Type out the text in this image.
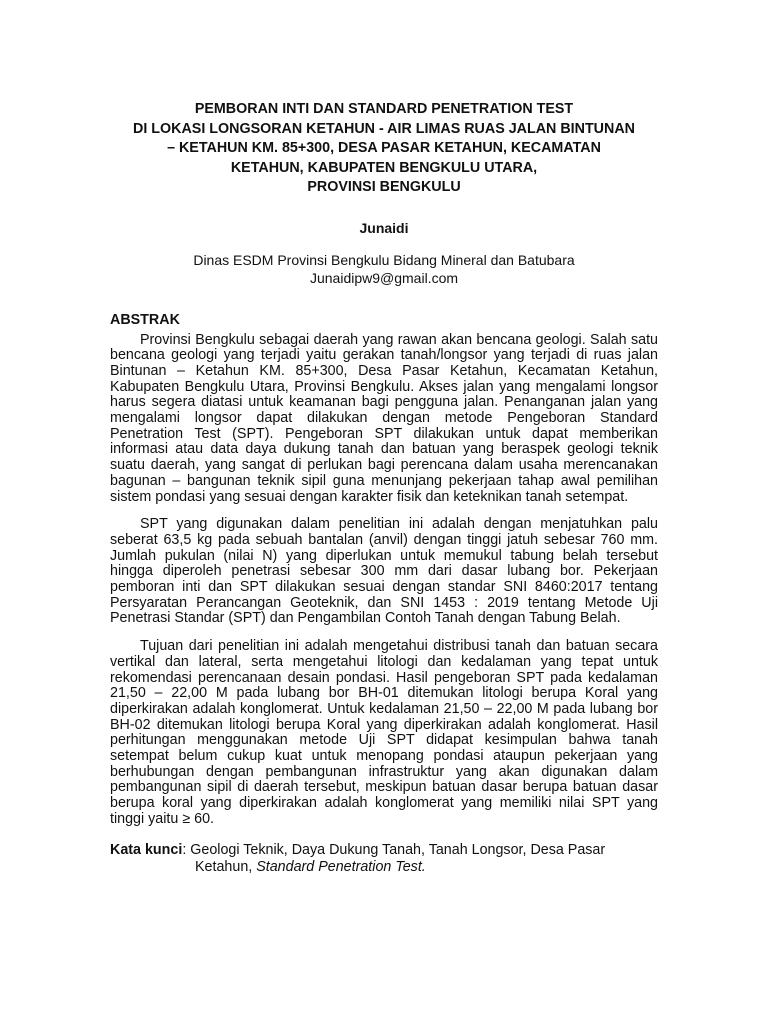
PEMBORAN INTI DAN STANDARD PENETRATION TEST
DI LOKASI LONGSORAN KETAHUN - AIR LIMAS RUAS JALAN BINTUNAN
– KETAHUN KM. 85+300, DESA PASAR KETAHUN, KECAMATAN
KETAHUN, KABUPATEN BENGKULU UTARA,
PROVINSI BENGKULU
Junaidi
Dinas ESDM Provinsi Bengkulu Bidang Mineral dan Batubara
Junaidipw9@gmail.com
ABSTRAK

Provinsi Bengkulu sebagai daerah yang rawan akan bencana geologi. Salah satu bencana geologi yang terjadi yaitu gerakan tanah/longsor yang terjadi di ruas jalan Bintunan – Ketahun KM. 85+300, Desa Pasar Ketahun, Kecamatan Ketahun, Kabupaten Bengkulu Utara, Provinsi Bengkulu. Akses jalan yang mengalami longsor harus segera diatasi untuk keamanan bagi pengguna jalan. Penanganan jalan yang mengalami longsor dapat dilakukan dengan metode Pengeboran Standard Penetration Test (SPT). Pengeboran SPT dilakukan untuk dapat memberikan informasi atau data daya dukung tanah dan batuan yang beraspek geologi teknik suatu daerah, yang sangat di perlukan bagi perencana dalam usaha merencanakan bagunan – bangunan teknik sipil guna menunjang pekerjaan tahap awal pemilihan sistem pondasi yang sesuai dengan karakter fisik dan keteknikan tanah setempat.

SPT yang digunakan dalam penelitian ini adalah dengan menjatuhkan palu seberat 63,5 kg pada sebuah bantalan (anvil) dengan tinggi jatuh sebesar 760 mm. Jumlah pukulan (nilai N) yang diperlukan untuk memukul tabung belah tersebut hingga diperoleh penetrasi sebesar 300 mm dari dasar lubang bor. Pekerjaan pemboran inti dan SPT dilakukan sesuai dengan standar SNI 8460:2017 tentang Persyaratan Perancangan Geoteknik, dan SNI 1453 : 2019 tentang Metode Uji Penetrasi Standar (SPT) dan Pengambilan Contoh Tanah dengan Tabung Belah.

Tujuan dari penelitian ini adalah mengetahui distribusi tanah dan batuan secara vertikal dan lateral, serta mengetahui litologi dan kedalaman yang tepat untuk rekomendasi perencanaan desain pondasi. Hasil pengeboran SPT pada kedalaman 21,50 – 22,00 M pada lubang bor BH-01 ditemukan litologi berupa Koral yang diperkirakan adalah konglomerat. Untuk kedalaman 21,50 – 22,00 M pada lubang bor BH-02 ditemukan litologi berupa Koral yang diperkirakan adalah konglomerat. Hasil perhitungan menggunakan metode Uji SPT didapat kesimpulan bahwa tanah setempat belum cukup kuat untuk menopang pondasi ataupun pekerjaan yang berhubungan dengan pembangunan infrastruktur yang akan digunakan dalam pembangunan sipil di daerah tersebut, meskipun batuan dasar berupa batuan dasar berupa koral yang diperkirakan adalah konglomerat yang memiliki nilai SPT yang tinggi yaitu ≥ 60.

Kata kunci: Geologi Teknik, Daya Dukung Tanah, Tanah Longsor, Desa Pasar Ketahun, Standard Penetration Test.
